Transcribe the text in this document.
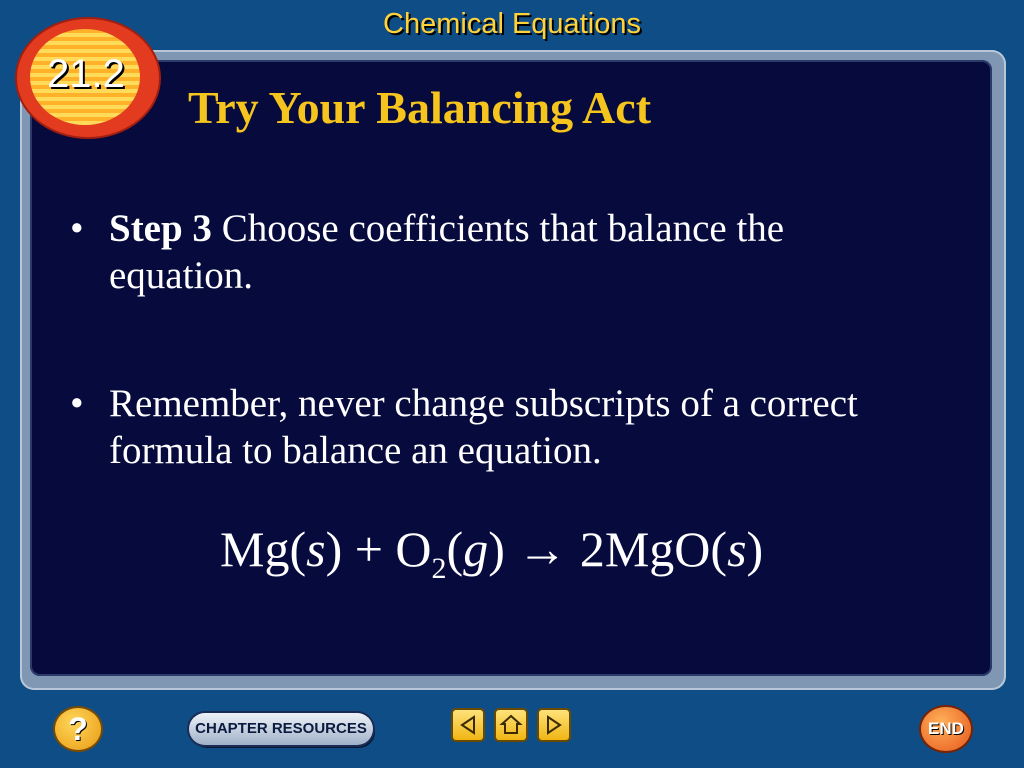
Chemical Equations
21.2
Try Your Balancing Act
• Step 3 Choose coefficients that balance the equation.
• Remember, never change subscripts of a correct formula to balance an equation.
$Mg(s) + O_2(g) \to 2MgO(s)$
?	CHAPTER RESOURCES	END
